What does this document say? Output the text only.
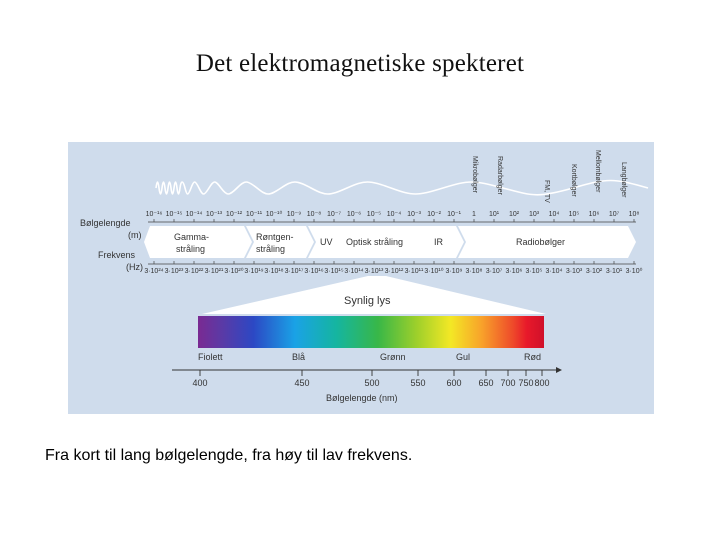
Det elektromagnetiske spekteret
Mikrobølger	Radarbølger	FM, TV	Kortbølger Mellombølger	Langbølger
Bølgelengde
(m)
10⁻¹⁶ 10⁻¹⁵ 10⁻¹⁴ 10⁻¹³ 10⁻¹² 10⁻¹¹ 10⁻¹⁰ 10⁻⁹ 10⁻⁸ 10⁻⁷ 10⁻⁶ 10⁻⁵ 10⁻⁴ 10⁻³ 10⁻² 10⁻¹ 1 10¹ 10² 10³ 10⁴ 10⁵ 10⁶ 10⁷ 10⁸
Gamma-
stråling
Røntgen-
stråling
UV Optisk stråling	IR	Radiobølger
Frekvens
(Hz) 3·10²⁴ 3·10²³ 3·10²² 3·10²¹ 3·10²⁰ 3·10¹⁹ 3·10¹⁸ 3·10¹⁷ 3·10¹⁶ 3·10¹⁵ 3·10¹⁴ 3·10¹³ 3·10¹² 3·10¹¹ 3·10¹⁰ 3·10⁹ 3·10⁸ 3·10⁷ 3·10⁶ 3·10⁵ 3·10⁴ 3·10³ 3·10² 3·10¹ 3·10⁰
Synlig lys
Fiolett	Blå	Grønn	Gul	Rød
400	450	500	550 600 650 700 750 800
Bølgelengde (nm)
Fra kort til lang bølgelengde, fra høy til lav frekvens.
